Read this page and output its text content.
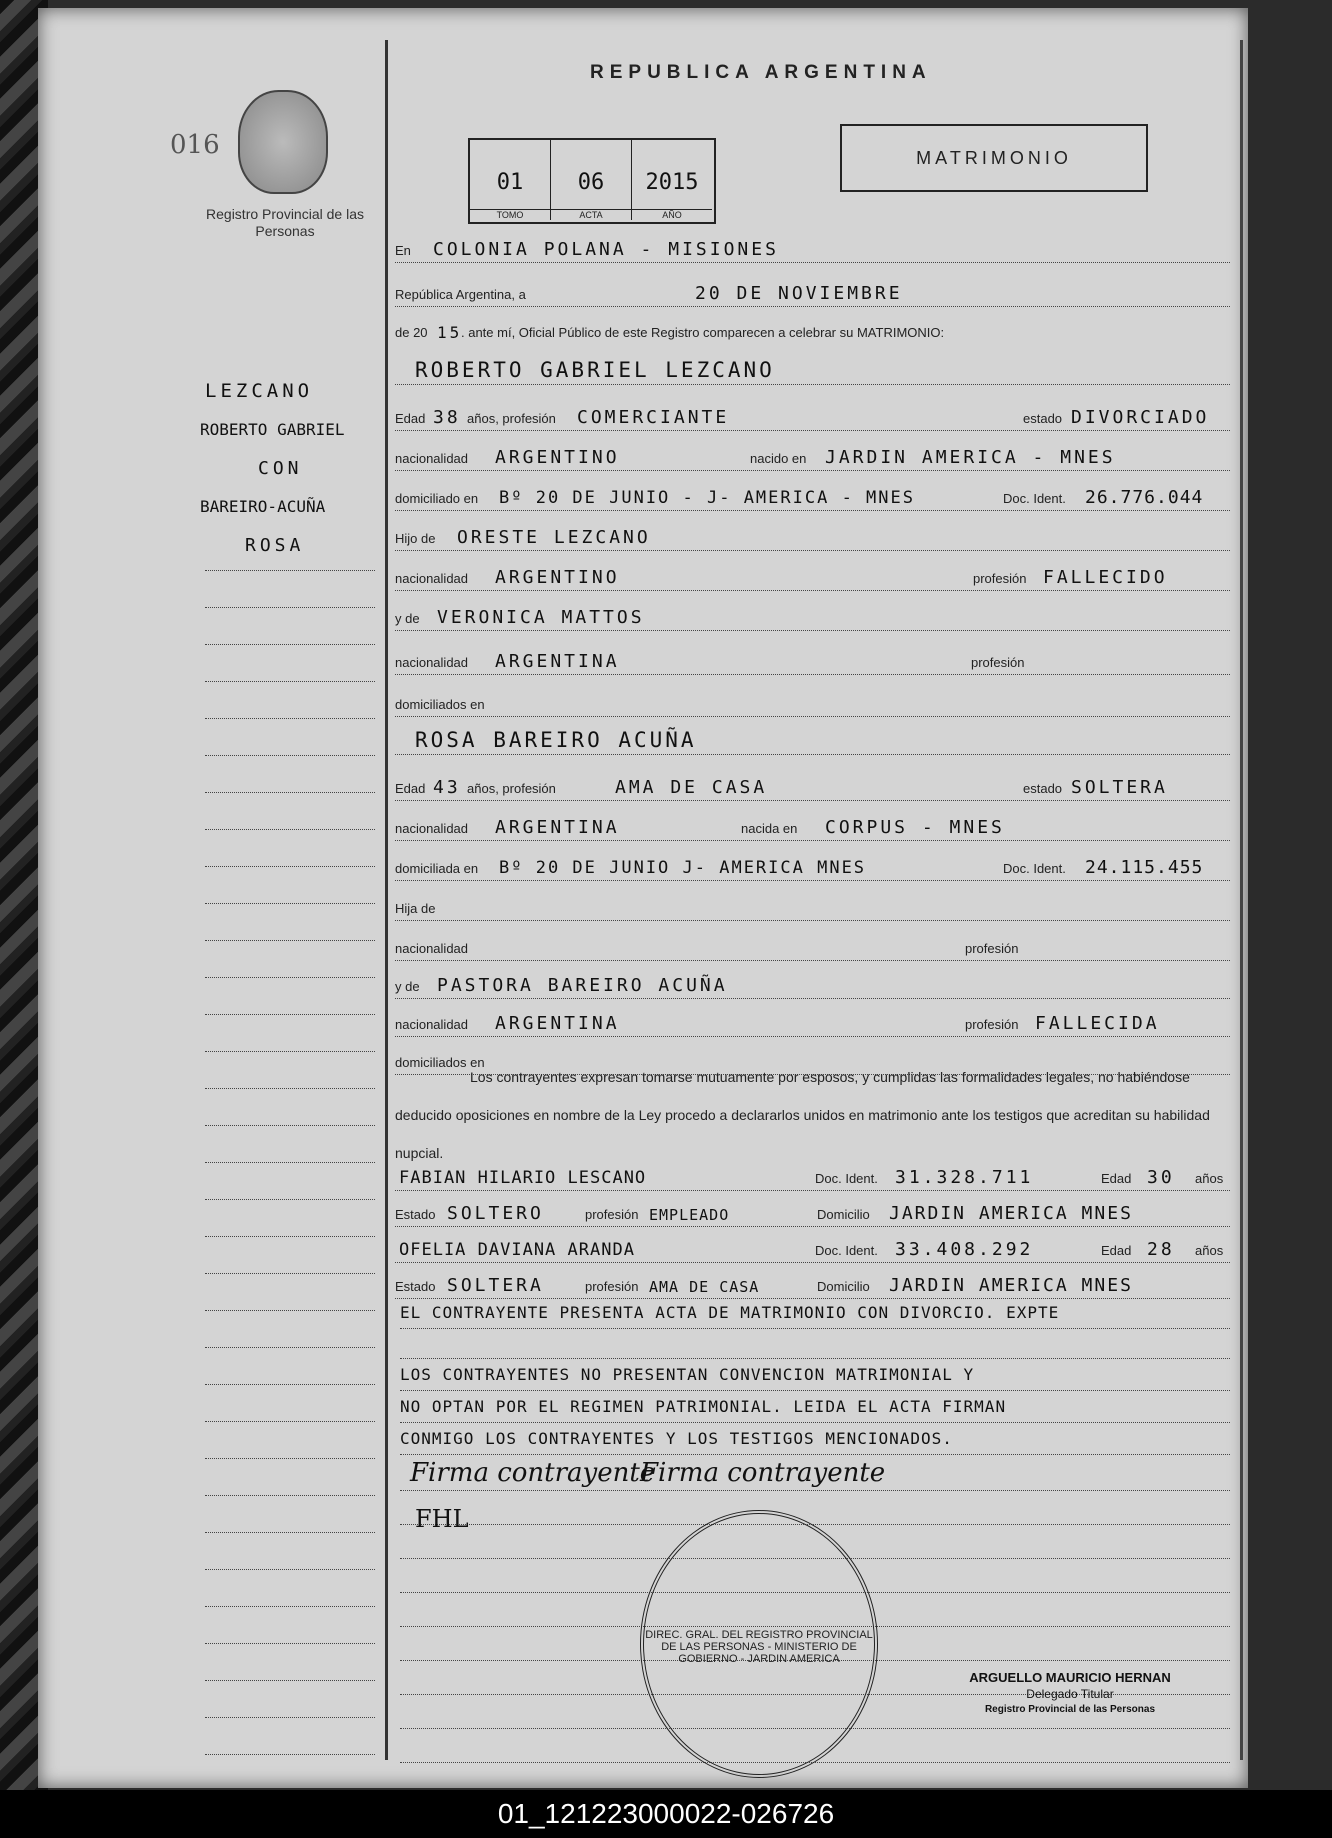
REPUBLICA ARGENTINA
016
Registro Provincial de las Personas
01
TOMO
06
ACTA
2015
AÑO
MATRIMONIO
LEZCANO
ROBERTO GABRIEL
CON
BAREIRO-ACUÑA
ROSA
En COLONIA POLANA - MISIONES
República Argentina, a	20 DE NOVIEMBRE
de 20 15
. ante mí, Oficial Público de este Registro comparecen a celebrar su MATRIMONIO:
ROBERTO GABRIEL LEZCANO
Edad 38 años, profesión COMERCIANTE	estado DIVORCIADO
nacionalidad ARGENTINO	nacido en JARDIN AMERICA - MNES
domiciliado en Bº 20 DE JUNIO - J- AMERICA - MNES	Doc. Ident. 26.776.044
Hijo de ORESTE LEZCANO
nacionalidad ARGENTINO	profesión FALLECIDO
y de VERONICA MATTOS
nacionalidad ARGENTINA	profesión
domiciliados en
ROSA BAREIRO ACUÑA
Edad 43 años, profesión	AMA DE CASA	estado SOLTERA
nacionalidad ARGENTINA	nacida en CORPUS - MNES
domiciliada en Bº 20 DE JUNIO J- AMERICA MNES	Doc. Ident. 24.115.455
Hija de
nacionalidad	profesión
y de PASTORA BAREIRO ACUÑA
nacionalidad ARGENTINA	profesión FALLECIDA
domiciliados en
Los contrayentes expresan tomarse mutuamente por esposos, y cumplidas las formalidades legales, no habiéndose deducido oposiciones en nombre de la Ley procedo a declararlos unidos en matrimonio ante los testigos que acreditan su habilidad nupcial.
FABIAN HILARIO LESCANO	Doc. Ident. 31.328.711	Edad 30 años
Estado SOLTERO	profesión EMPLEADO	Domicilio JARDIN AMERICA MNES
OFELIA DAVIANA ARANDA	Doc. Ident. 33.408.292	Edad 28 años
Estado SOLTERA	profesión AMA DE CASA	Domicilio JARDIN AMERICA MNES
EL CONTRAYENTE PRESENTA ACTA DE MATRIMONIO CON DIVORCIO. EXPTE
LOS CONTRAYENTES NO PRESENTAN CONVENCION MATRIMONIAL Y
NO OPTAN POR EL REGIMEN PATRIMONIAL. LEIDA EL ACTA FIRMAN
CONMIGO LOS CONTRAYENTES Y LOS TESTIGOS MENCIONADOS.
Firma contrayente
Firma contrayente
FHL
DIREC. GRAL. DEL REGISTRO PROVINCIAL DE LAS PERSONAS - MINISTERIO DE GOBIERNO - JARDIN AMERICA
ARGUELLO MAURICIO HERNAN
Delegado Titular
Registro Provincial de las Personas
01_121223000022-026726
